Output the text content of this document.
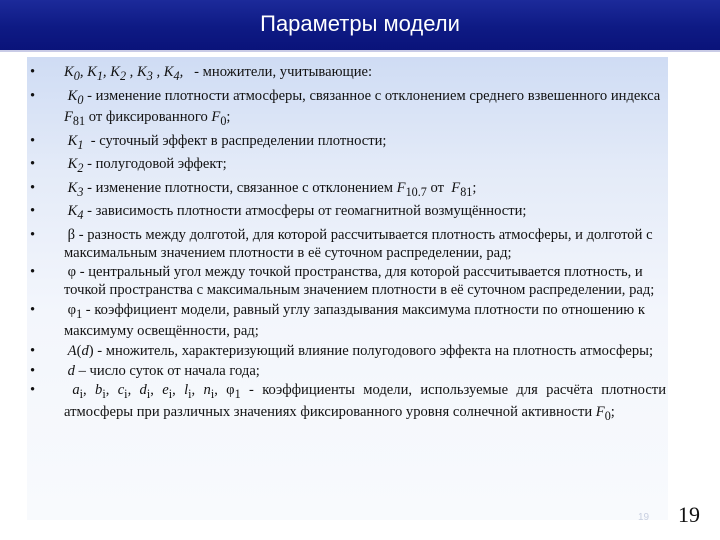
Параметры модели
• $K_0$, $K_1$, $K_2$ , $K_3$ , $K_4$,   - множители, учитывающие:
• $K_0$ - изменение плотности атмосферы, связанное с отклонением среднего взвешенного индекса $F_{81}$ от фиксированного $F_0$;
• $K_1$  - суточный эффект в распределении плотности;
• $K_2$ - полугодовой эффект;
• $K_3$ - изменение плотности, связанное с отклонением $F_{10.7}$ от  $F_{81}$;
• $K_4$ - зависимость плотности атмосферы от геомагнитной возмущённости;
• β - разность между долготой, для которой рассчитывается плотность атмосферы, и долготой с максимальным значением плотности в её суточном распределении, рад;
• φ - центральный угол между точкой пространства, для которой рассчитывается плотность, и точкой пространства с максимальным значением плотности в её суточном распределении, рад;
• $\varphi_1$ - коэффициент модели, равный углу запаздывания максимума плотности по отношению к максимуму освещённости, рад;
• A(d) - множитель, характеризующий влияние полугодового эффекта на плотность атмосферы;
• d – число суток от начала года;
•	$a_i$, $b_i$, $c_i$, $d_i$, $e_i$, $l_i$, $n_i$, $\varphi_1$ - коэффициенты модели, используемые для расчёта плотности атмосферы при различных значениях фиксированного уровня солнечной активности $F_0$;
19 19
